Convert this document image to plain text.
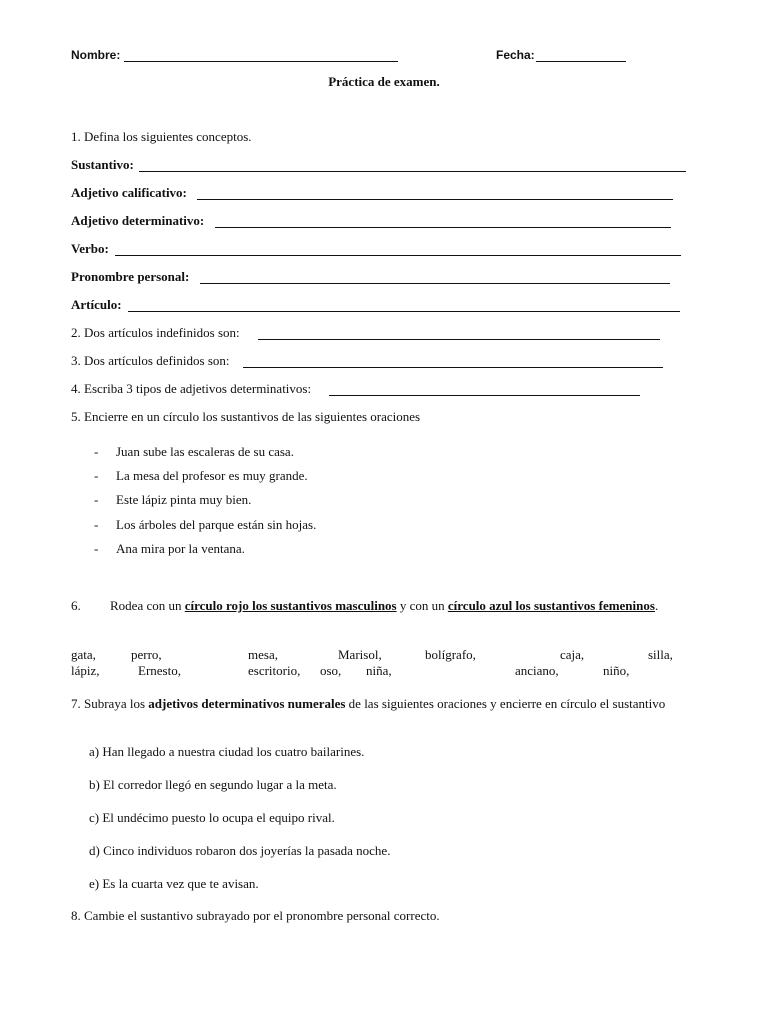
Nombre:	Fecha:
Práctica de examen.
1. Defina los siguientes conceptos.
Sustantivo:
Adjetivo calificativo:
Adjetivo determinativo:
Verbo:
Pronombre personal:
Artículo:
2. Dos artículos indefinidos son:
3. Dos artículos definidos son:
4. Escriba 3 tipos de adjetivos determinativos:
5. Encierre en un círculo los sustantivos de las siguientes oraciones
- Juan sube las escaleras de su casa.
- La mesa del profesor es muy grande.
- Este lápiz pinta muy bien.
- Los árboles del parque están sin hojas.
- Ana mira por la ventana.
6. Rodea con un círculo rojo los sustantivos masculinos y con un círculo azul los sustantivos femeninos.
gata,	perro,	mesa,	Marisol,	bolígrafo,	caja,	silla,
lápiz,	Ernesto,	escritorio, oso, niña,	anciano,	niño,
7. Subraya los adjetivos determinativos numerales de las siguientes oraciones y encierre en círculo el sustantivo
a) Han llegado a nuestra ciudad los cuatro bailarines.
b) El corredor llegó en segundo lugar a la meta.
c) El undécimo puesto lo ocupa el equipo rival.
d) Cinco individuos robaron dos joyerías la pasada noche.
e) Es la cuarta vez que te avisan.
8. Cambie el sustantivo subrayado por el pronombre personal correcto.
